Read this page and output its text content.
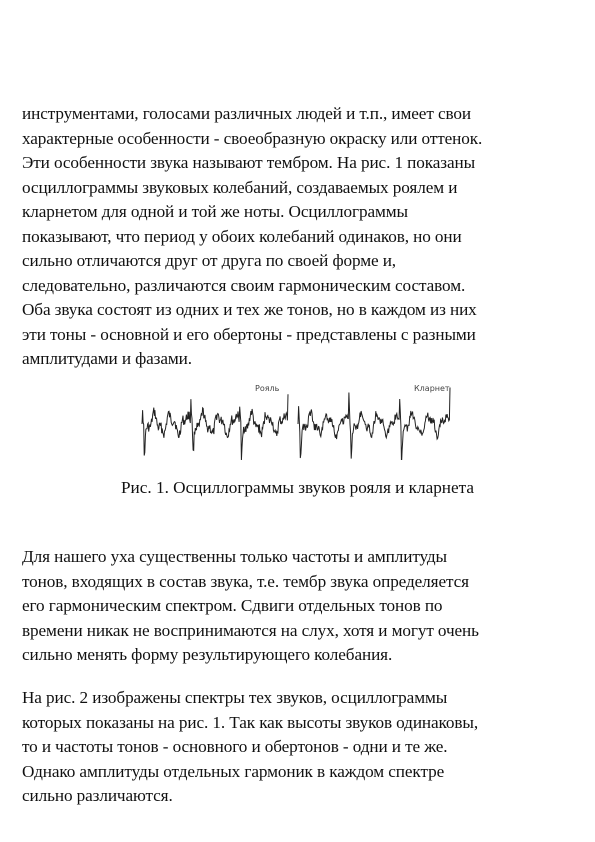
инструментами, голосами различных людей и т.п., имеет свои
характерные особенности - своеобразную окраску или оттенок.
Эти особенности звука называют тембром. На рис. 1 показаны
осциллограммы звуковых колебаний, создаваемых роялем и
кларнетом для одной и той же ноты. Осциллограммы
показывают, что период у обоих колебаний одинаков, но они
сильно отличаются друг от друга по своей форме и,
следовательно, различаются своим гармоническим составом.
Оба звука состоят из одних и тех же тонов, но в каждом из них
эти тоны - основной и его обертоны - представлены с разными
амплитудами и фазами.
Рояль	Кларнет

Рис. 1. Осциллограммы звуков рояля и кларнета

Для нашего уха существенны только частоты и амплитуды
тонов, входящих в состав звука, т.е. тембр звука определяется
его гармоническим спектром. Сдвиги отдельных тонов по
времени никак не воспринимаются на слух, хотя и могут очень
сильно менять форму результирующего колебания.
На рис. 2 изображены спектры тех звуков, осциллограммы
которых показаны на рис. 1. Так как высоты звуков одинаковы,
то и частоты тонов - основного и обертонов - одни и те же.
Однако амплитуды отдельных гармоник в каждом спектре
сильно различаются.
